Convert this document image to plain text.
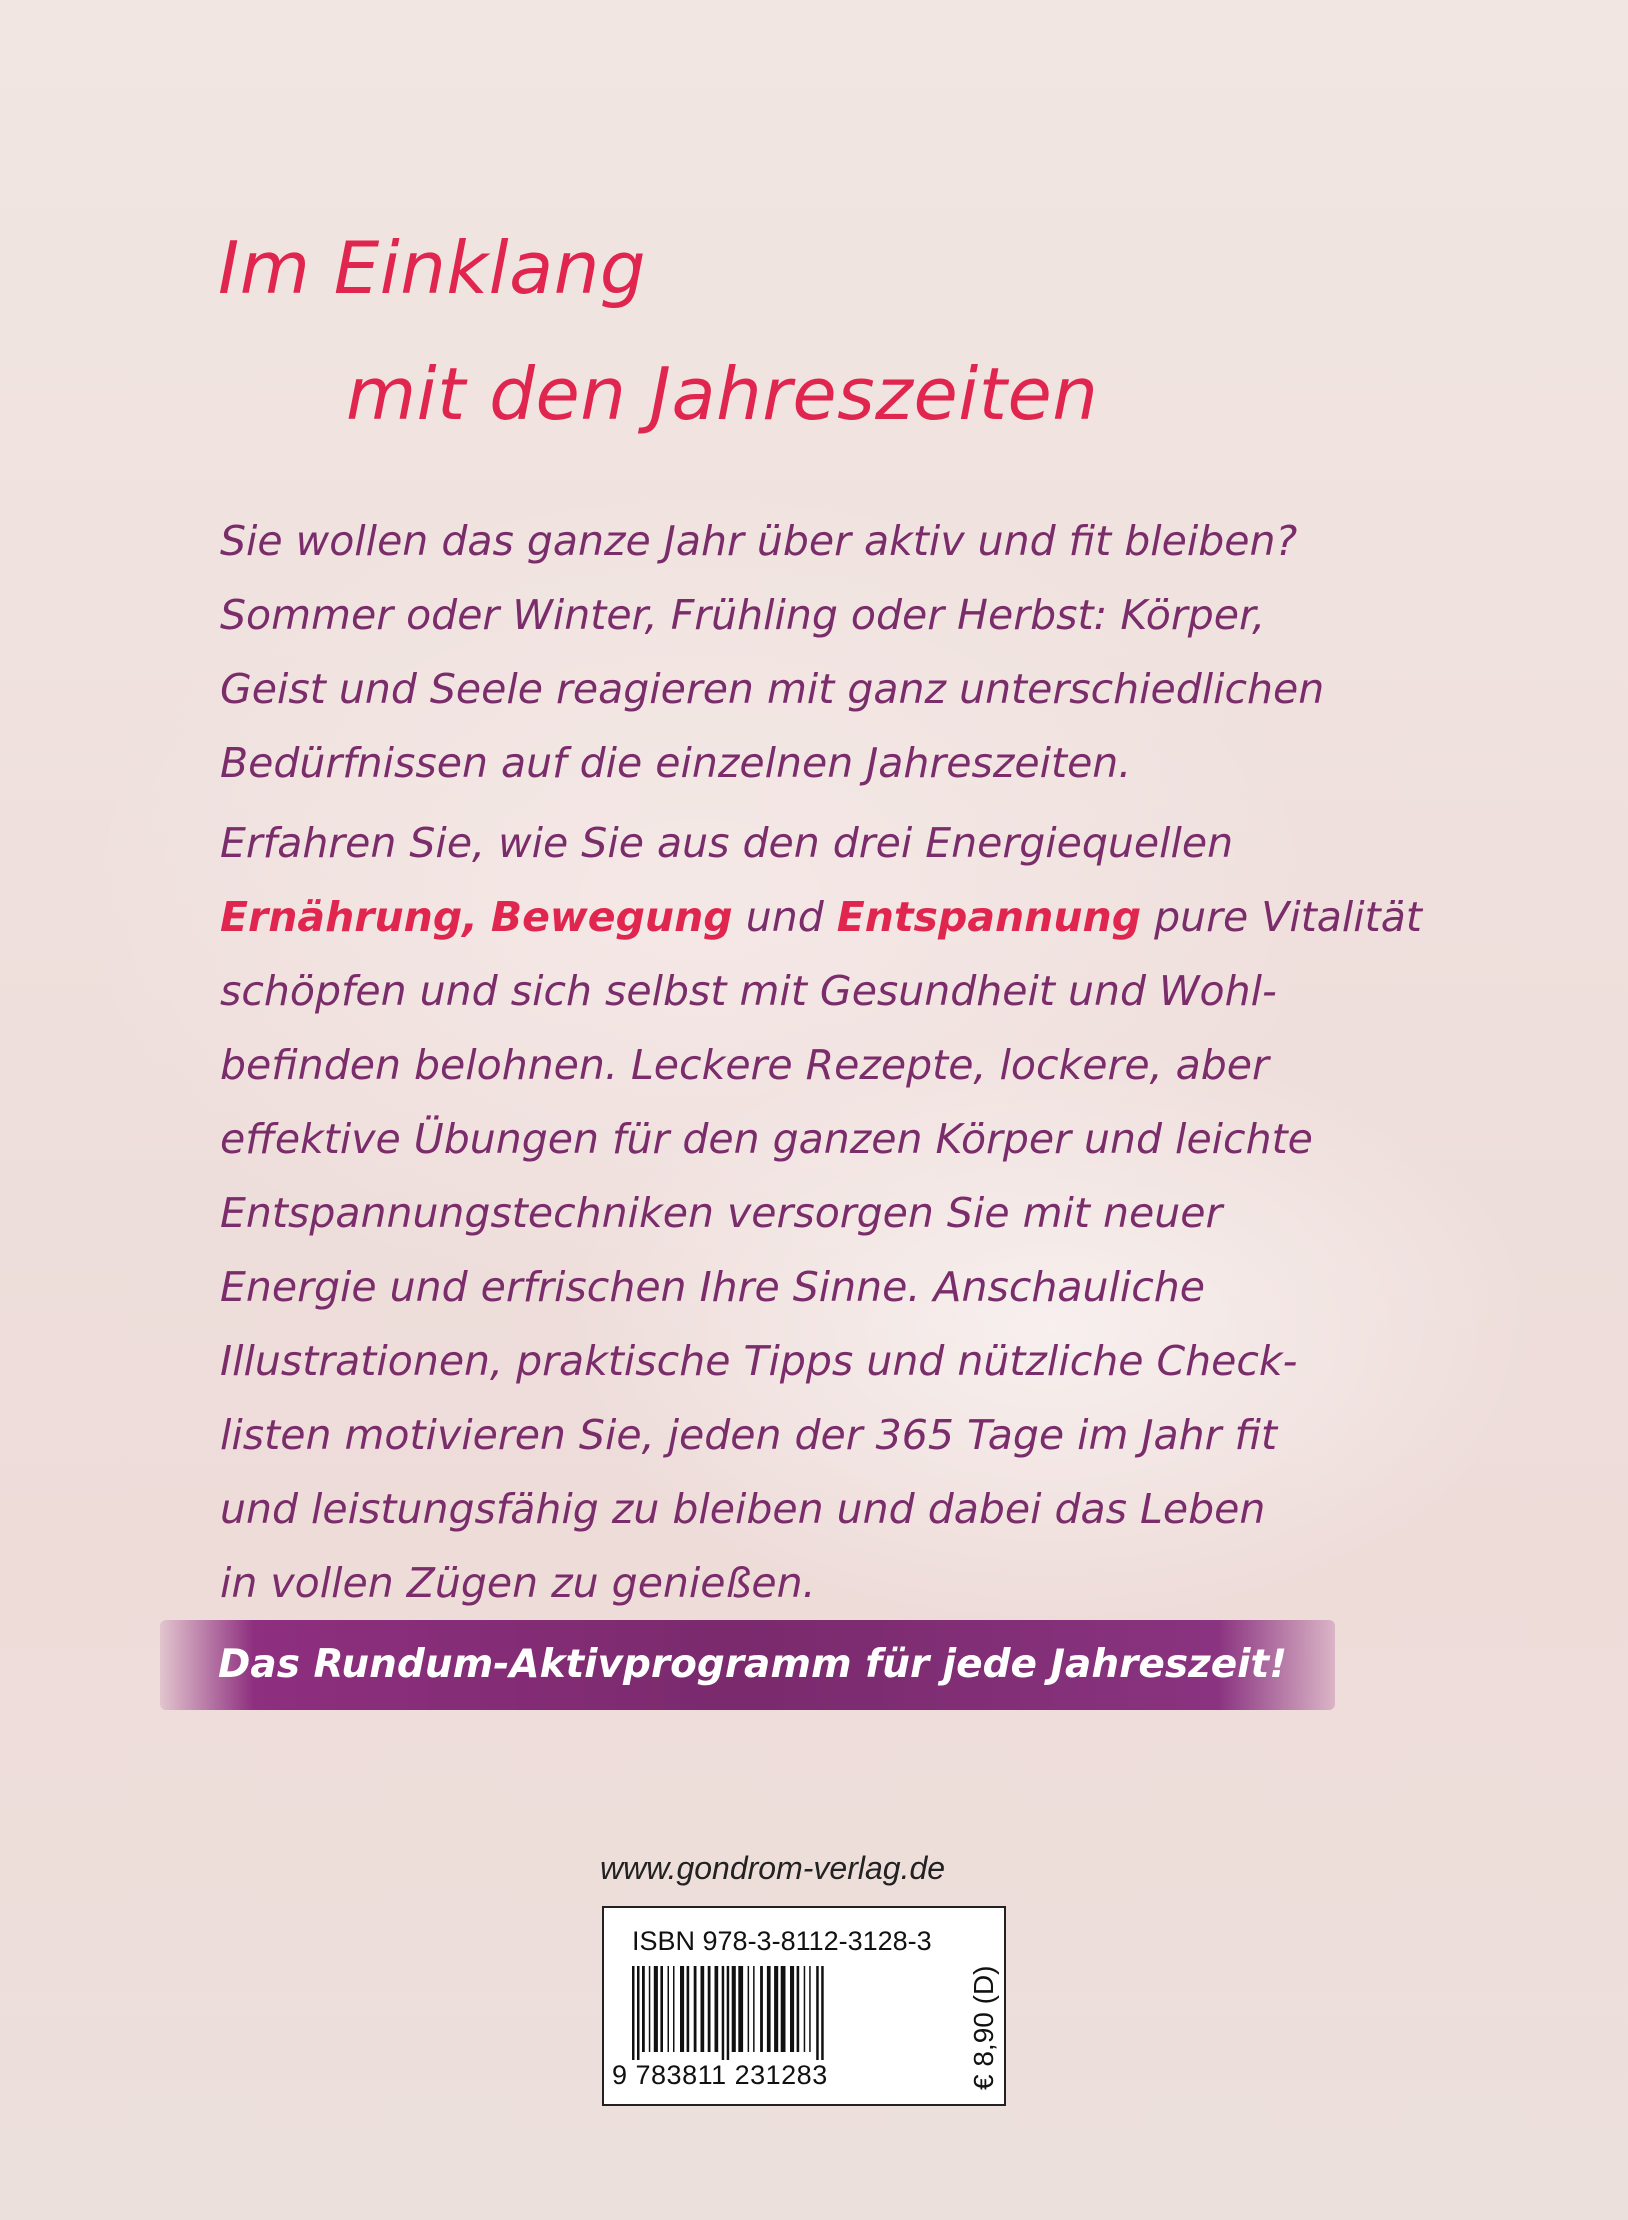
Im Einklang
mit den Jahreszeiten

Sie wollen das ganze Jahr über aktiv und fit bleiben?
Sommer oder Winter, Frühling oder Herbst: Körper,
Geist und Seele reagieren mit ganz unterschiedlichen
Bedürfnissen auf die einzelnen Jahreszeiten.

Erfahren Sie, wie Sie aus den drei Energiequellen
Ernährung, Bewegung und Entspannung pure Vitalität
schöpfen und sich selbst mit Gesundheit und Wohl-
befinden belohnen. Leckere Rezepte, lockere, aber
effektive Übungen für den ganzen Körper und leichte
Entspannungstechniken versorgen Sie mit neuer
Energie und erfrischen Ihre Sinne. Anschauliche
Illustrationen, praktische Tipps und nützliche Check-
listen motivieren Sie, jeden der 365 Tage im Jahr fit
und leistungsfähig zu bleiben und dabei das Leben
in vollen Zügen zu genießen.

Das Rundum-Aktivprogramm für jede Jahreszeit!

www.gondrom-verlag.de

ISBN 978-3-8112-3128-3

9 783811 231283	€ 8,90 (D)
